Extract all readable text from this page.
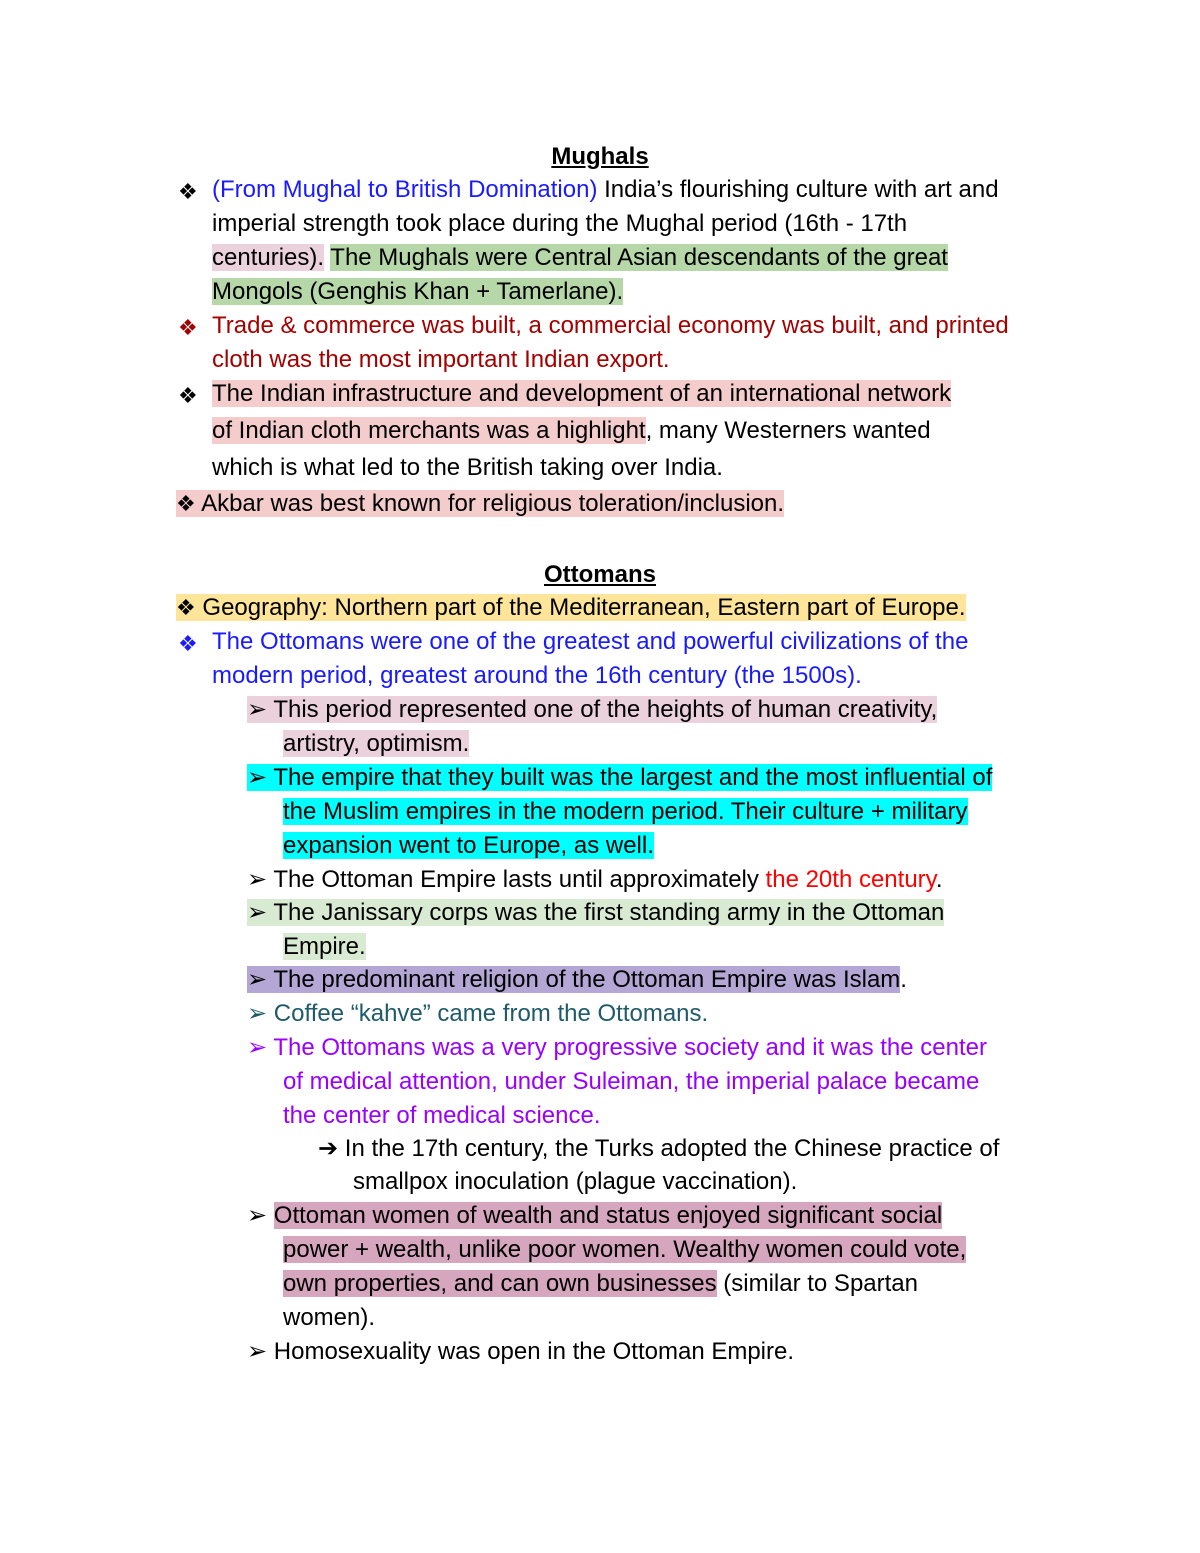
Mughals
❖ (From Mughal to British Domination) India’s flourishing culture with art and
imperial strength took place during the Mughal period (16th - 17th
centuries). The Mughals were Central Asian descendants of the great
Mongols (Genghis Khan + Tamerlane).
❖ Trade & commerce was built, a commercial economy was built, and printed
cloth was the most important Indian export.
❖ The Indian infrastructure and development of an international network
of Indian cloth merchants was a highlight, many Westerners wanted
which is what led to the British taking over India.
❖ Akbar was best known for religious toleration/inclusion.
Ottomans
❖ Geography: Northern part of the Mediterranean, Eastern part of Europe.
❖ The Ottomans were one of the greatest and powerful civilizations of the
modern period, greatest around the 16th century (the 1500s).
➢ This period represented one of the heights of human creativity,
artistry, optimism.
➢ The empire that they built was the largest and the most influential of
the Muslim empires in the modern period. Their culture + military
expansion went to Europe, as well.
➢ The Ottoman Empire lasts until approximately the 20th century.
➢ The Janissary corps was the first standing army in the Ottoman
Empire.
➢ The predominant religion of the Ottoman Empire was Islam.
➢ Coffee “kahve” came from the Ottomans.
➢ The Ottomans was a very progressive society and it was the center
of medical attention, under Suleiman, the imperial palace became
the center of medical science.
➔ In the 17th century, the Turks adopted the Chinese practice of
smallpox inoculation (plague vaccination).
➢ Ottoman women of wealth and status enjoyed significant social
power + wealth, unlike poor women. Wealthy women could vote,
own properties, and can own businesses (similar to Spartan
women).
➢ Homosexuality was open in the Ottoman Empire.
